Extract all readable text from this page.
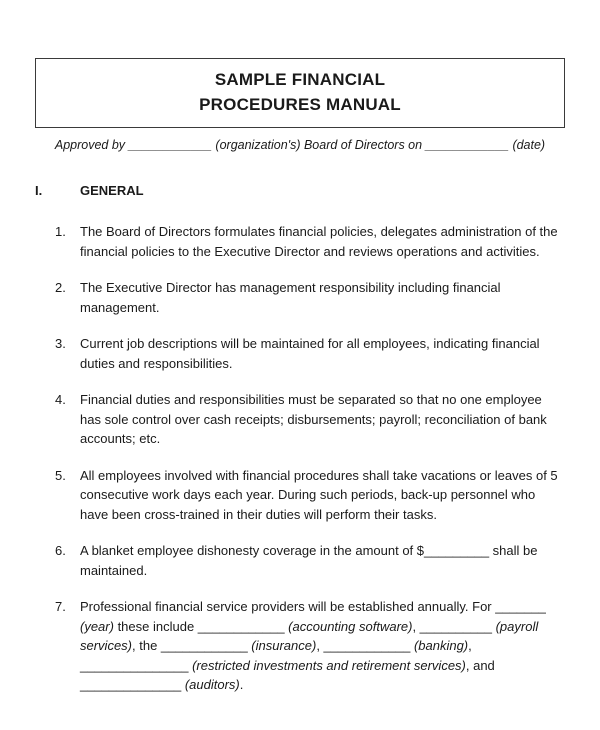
SAMPLE FINANCIAL
PROCEDURES MANUAL
Approved by ____________ (organization's) Board of Directors on ____________ (date)
I.	GENERAL
1.	The Board of Directors formulates financial policies, delegates administration of the financial policies to the Executive Director and reviews operations and activities.
2.	The Executive Director has management responsibility including financial management.
3.	Current job descriptions will be maintained for all employees, indicating financial duties and responsibilities.
4.	Financial duties and responsibilities must be separated so that no one employee has sole control over cash receipts; disbursements; payroll; reconciliation of bank accounts; etc.
5.	All employees involved with financial procedures shall take vacations or leaves of 5 consecutive work days each year. During such periods, back-up personnel who have been cross-trained in their duties will perform their tasks.
6.	A blanket employee dishonesty coverage in the amount of $_________ shall be maintained.
7.	Professional financial service providers will be established annually. For _______ (year) these include ____________ (accounting software), __________ (payroll services), the ____________ (insurance), ____________ (banking), _______________ (restricted investments and retirement services), and ______________ (auditors).
